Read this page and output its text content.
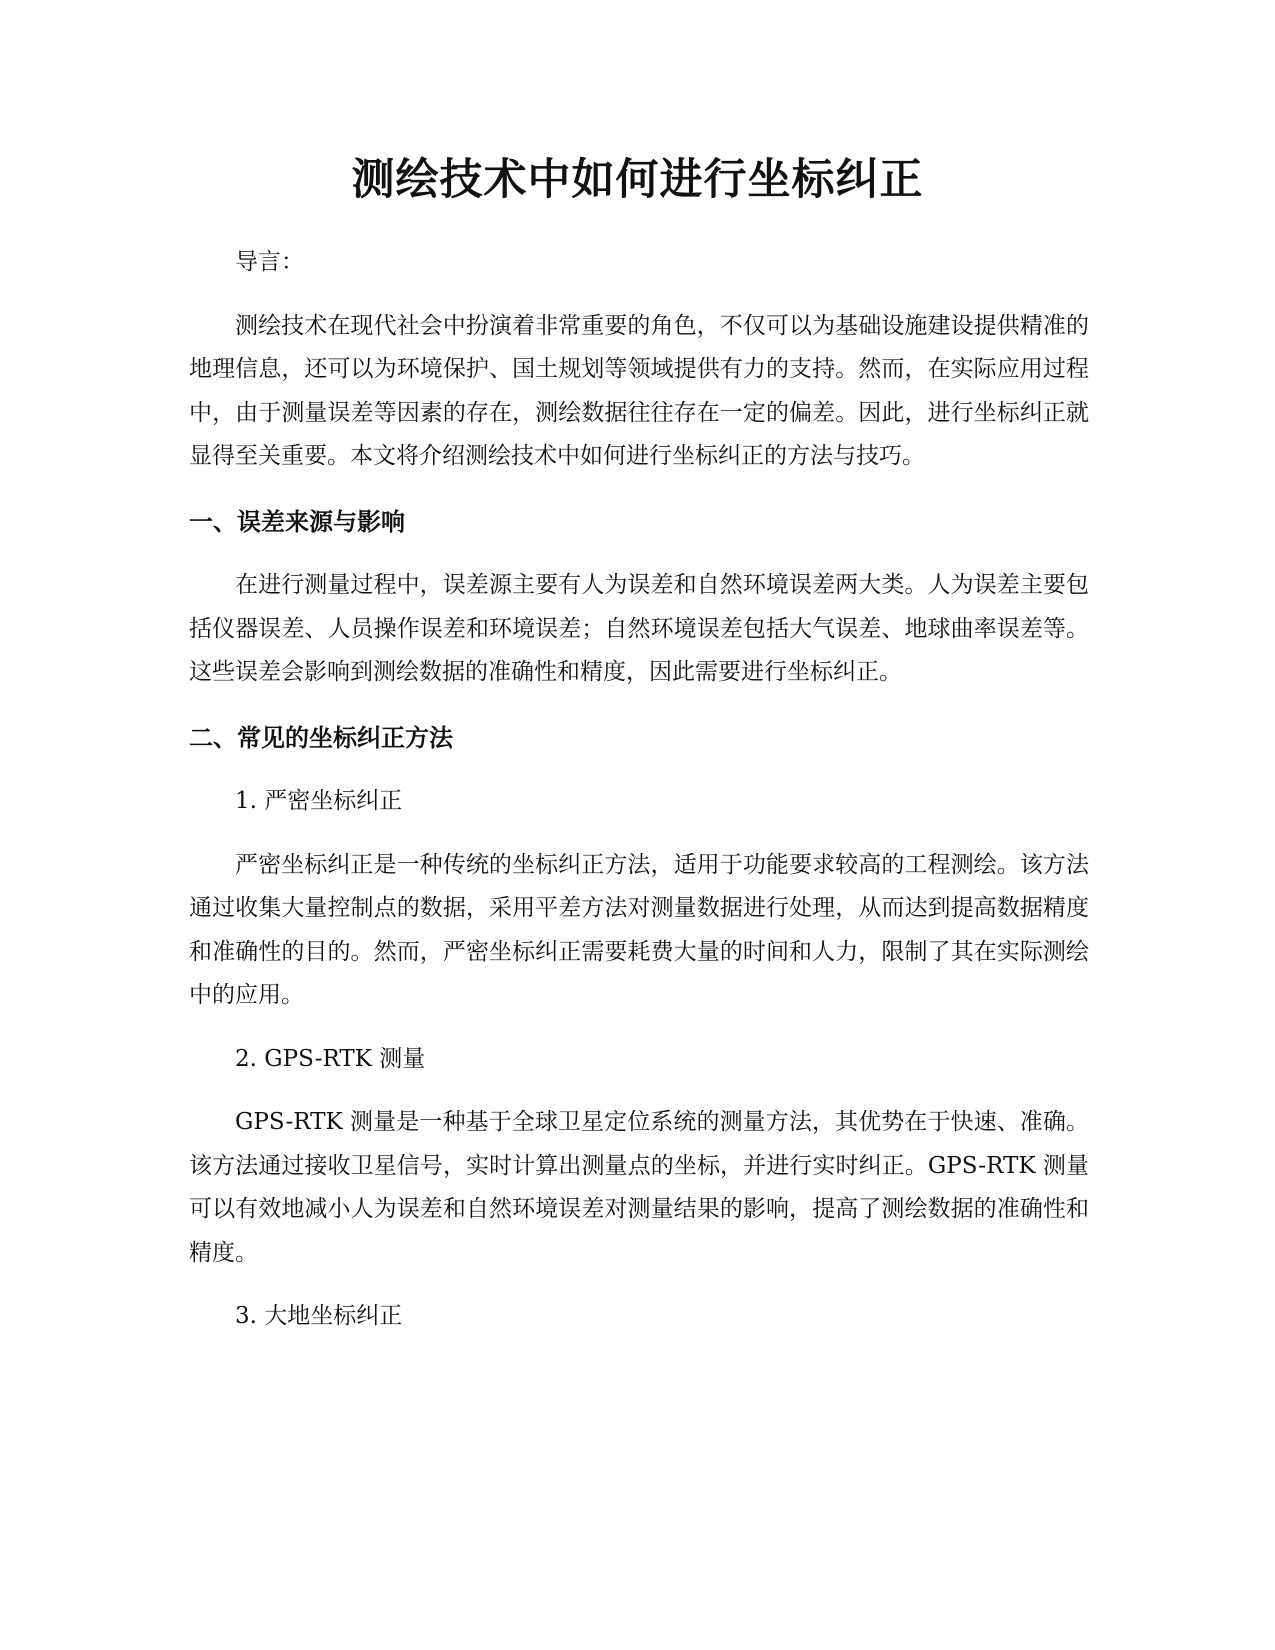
测绘技术中如何进行坐标纠正

导言：

测绘技术在现代社会中扮演着非常重要的角色，不仅可以为基础设施建设提供精准的地理信息，还可以为环境保护、国土规划等领域提供有力的支持。然而，在实际应用过程中，由于测量误差等因素的存在，测绘数据往往存在一定的偏差。因此，进行坐标纠正就显得至关重要。本文将介绍测绘技术中如何进行坐标纠正的方法与技巧。

一、误差来源与影响

在进行测量过程中，误差源主要有人为误差和自然环境误差两大类。人为误差主要包括仪器误差、人员操作误差和环境误差；自然环境误差包括大气误差、地球曲率误差等。这些误差会影响到测绘数据的准确性和精度，因此需要进行坐标纠正。

二、常见的坐标纠正方法

1. 严密坐标纠正

严密坐标纠正是一种传统的坐标纠正方法，适用于功能要求较高的工程测绘。该方法通过收集大量控制点的数据，采用平差方法对测量数据进行处理，从而达到提高数据精度和准确性的目的。然而，严密坐标纠正需要耗费大量的时间和人力，限制了其在实际测绘中的应用。

2. GPS-RTK 测量

GPS-RTK 测量是一种基于全球卫星定位系统的测量方法，其优势在于快速、准确。该方法通过接收卫星信号，实时计算出测量点的坐标，并进行实时纠正。GPS-RTK 测量可以有效地减小人为误差和自然环境误差对测量结果的影响，提高了测绘数据的准确性和精度。

3. 大地坐标纠正
